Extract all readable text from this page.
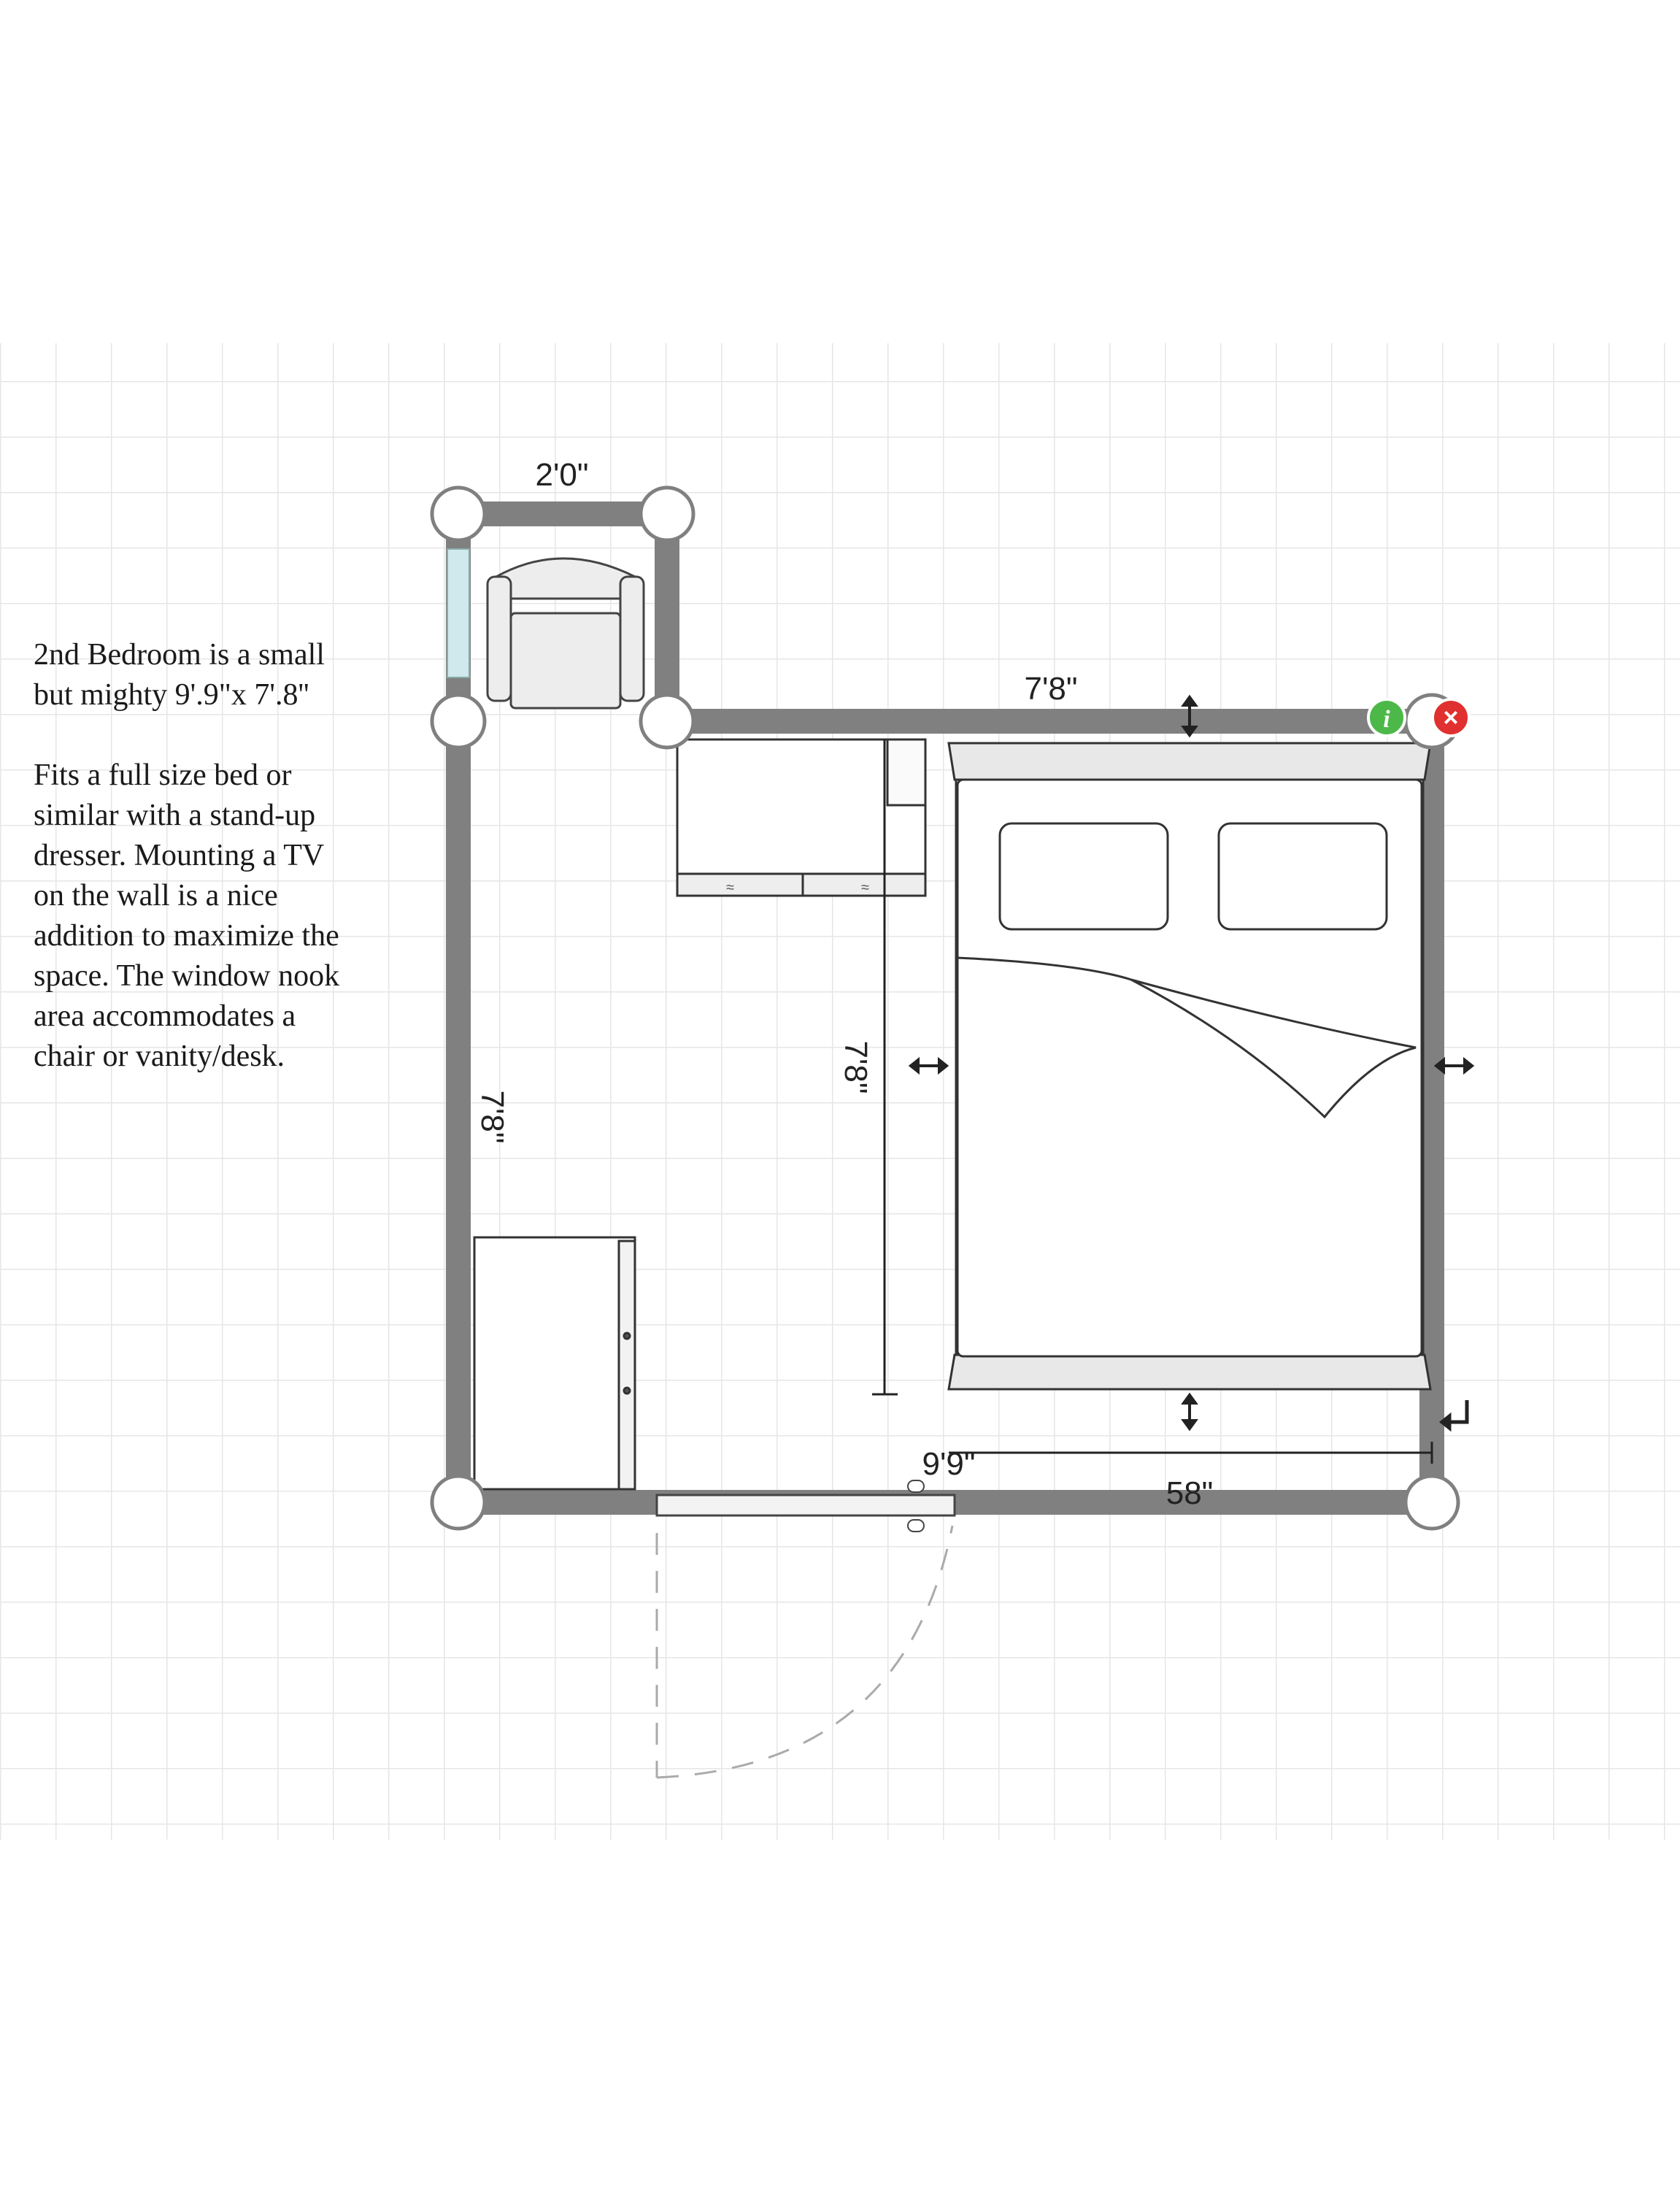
≈	≈
7'8"
7'8"
9'9"
58"
i ×
2'0"
7'8"

2nd Bedroom is a small but mighty 9'.9"x 7'.8''

Fits a full size bed or similar with a stand-up dresser. Mounting a TV on the wall is a nice addition to maximize the space. The window nook area accommodates a chair or vanity/desk.
